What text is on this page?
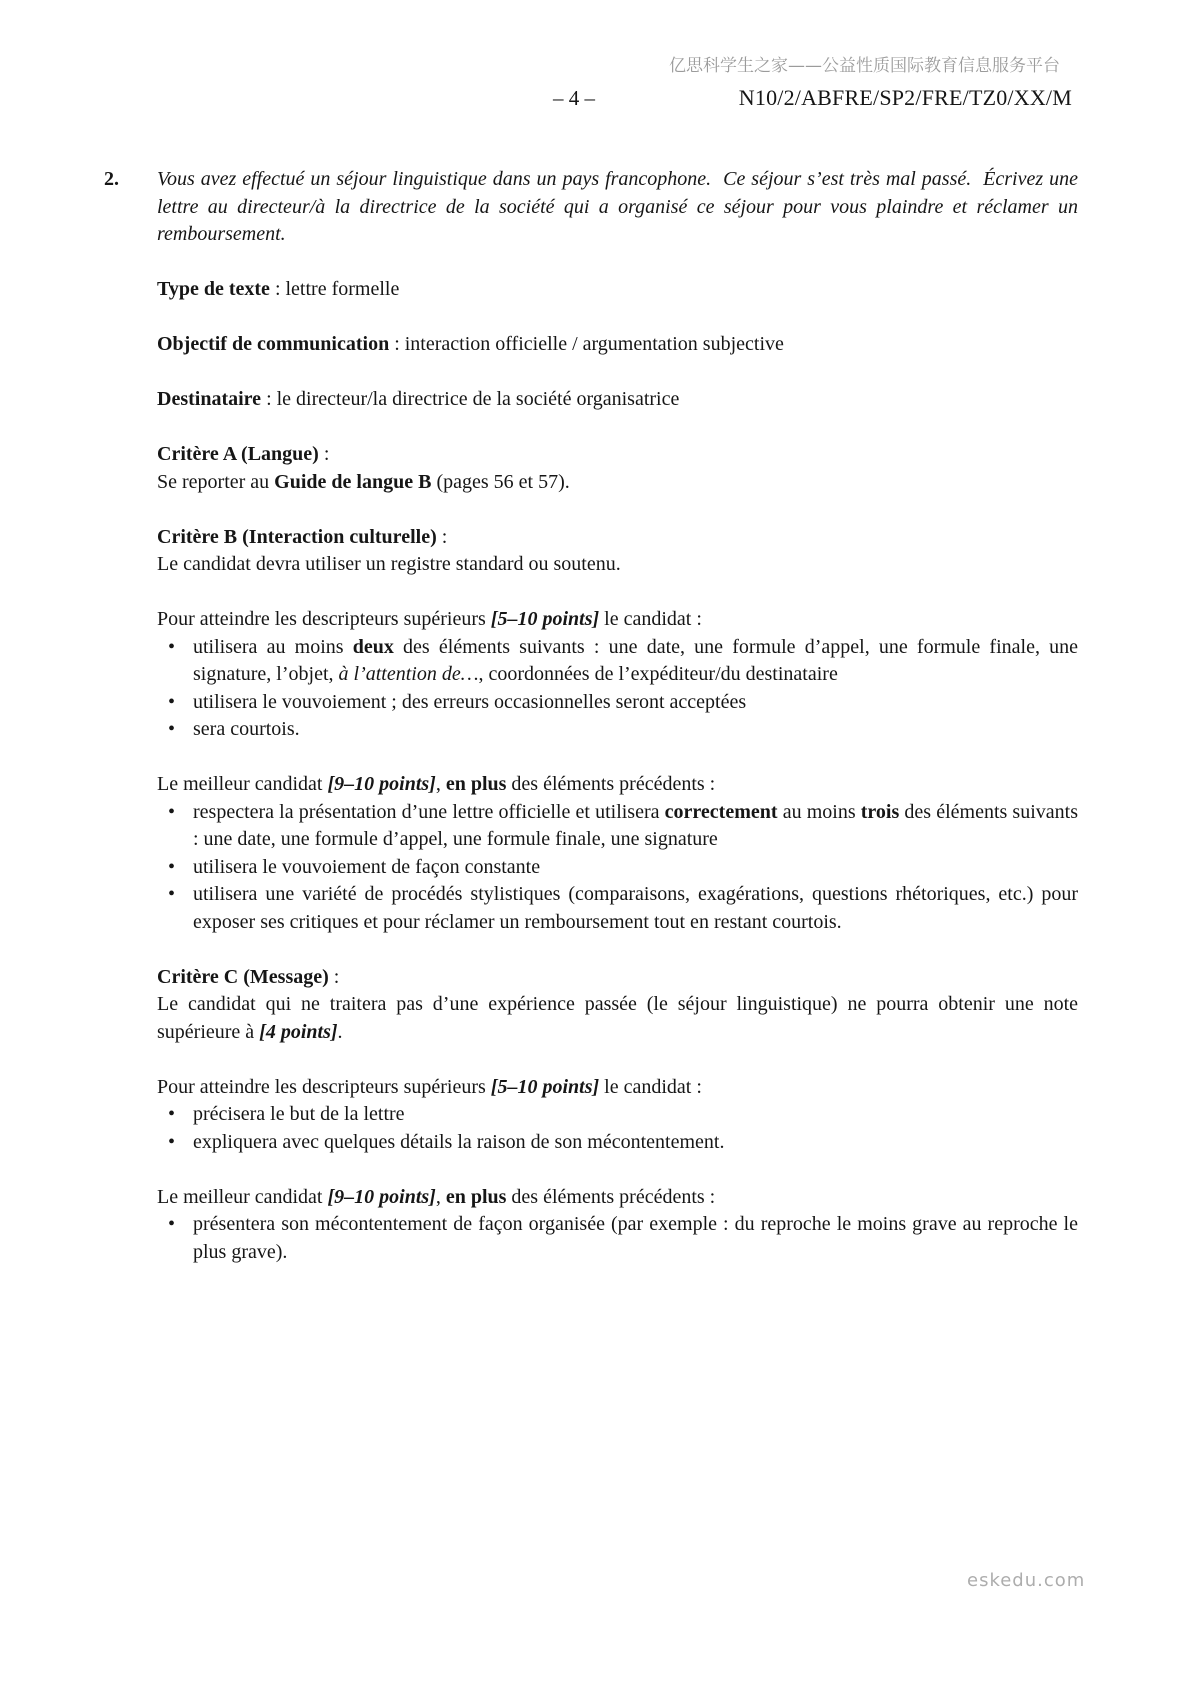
亿思科学生之家——公益性质国际教育信息服务平台
– 4 –	N10/2/ABFRE/SP2/FRE/TZ0/XX/M
2.	Vous avez effectué un séjour linguistique dans un pays francophone.  Ce séjour s’est très mal passé.  Écrivez une lettre au directeur/à la directrice de la société qui a organisé ce séjour pour vous plaindre et réclamer un remboursement.
Type de texte : lettre formelle
Objectif de communication : interaction officielle / argumentation subjective
Destinataire : le directeur/la directrice de la société organisatrice
Critère A (Langue) :
Se reporter au Guide de langue B (pages 56 et 57).
Critère B (Interaction culturelle) :
Le candidat devra utiliser un registre standard ou soutenu.
Pour atteindre les descripteurs supérieurs [5–10 points] le candidat :
• utilisera au moins deux des éléments suivants : une date, une formule d’appel, une formule finale, une signature, l’objet, à l’attention de…, coordonnées de l’expéditeur/du destinataire
• utilisera le vouvoiement ; des erreurs occasionnelles seront acceptées
• sera courtois.
Le meilleur candidat [9–10 points], en plus des éléments précédents :
• respectera la présentation d’une lettre officielle et utilisera correctement au moins trois des éléments suivants : une date, une formule d’appel, une formule finale, une signature
• utilisera le vouvoiement de façon constante
• utilisera une variété de procédés stylistiques (comparaisons, exagérations, questions rhétoriques, etc.) pour exposer ses critiques et pour réclamer un remboursement tout en restant courtois.
Critère C (Message) :
Le candidat qui ne traitera pas d’une expérience passée (le séjour linguistique) ne pourra obtenir une note supérieure à [4 points].
Pour atteindre les descripteurs supérieurs [5–10 points] le candidat :
• précisera le but de la lettre
• expliquera avec quelques détails la raison de son mécontentement.
Le meilleur candidat [9–10 points], en plus des éléments précédents :
• présentera son mécontentement de façon organisée (par exemple : du reproche le moins grave au reproche le plus grave).
eskedu.com
